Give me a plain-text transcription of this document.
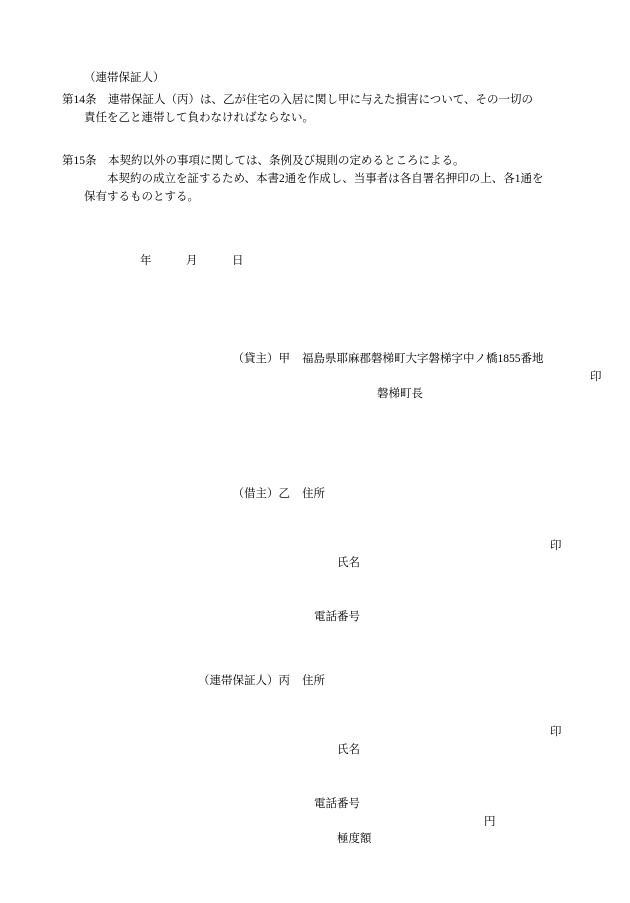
（連帯保証人）
第14条　連帯保証人（丙）は、乙が住宅の入居に関し甲に与えた損害について、その一切の
責任を乙と連帯して負わなければならない。
第15条　本契約以外の事項に関しては、条例及び規則の定めるところによる。
　　本契約の成立を証するため、本書2通を作成し、当事者は各自署名押印の上、各1通を
保有するものとする。
年　　　月　　　日
（貸主）甲	福島県耶麻郡磐梯町大字磐梯字中ノ橋1855番地

磐梯町長

印

（借主）乙	住所

氏名

印

電話番号
（連帯保証人）丙	住所

氏名

印

電話番号

極度額

円
